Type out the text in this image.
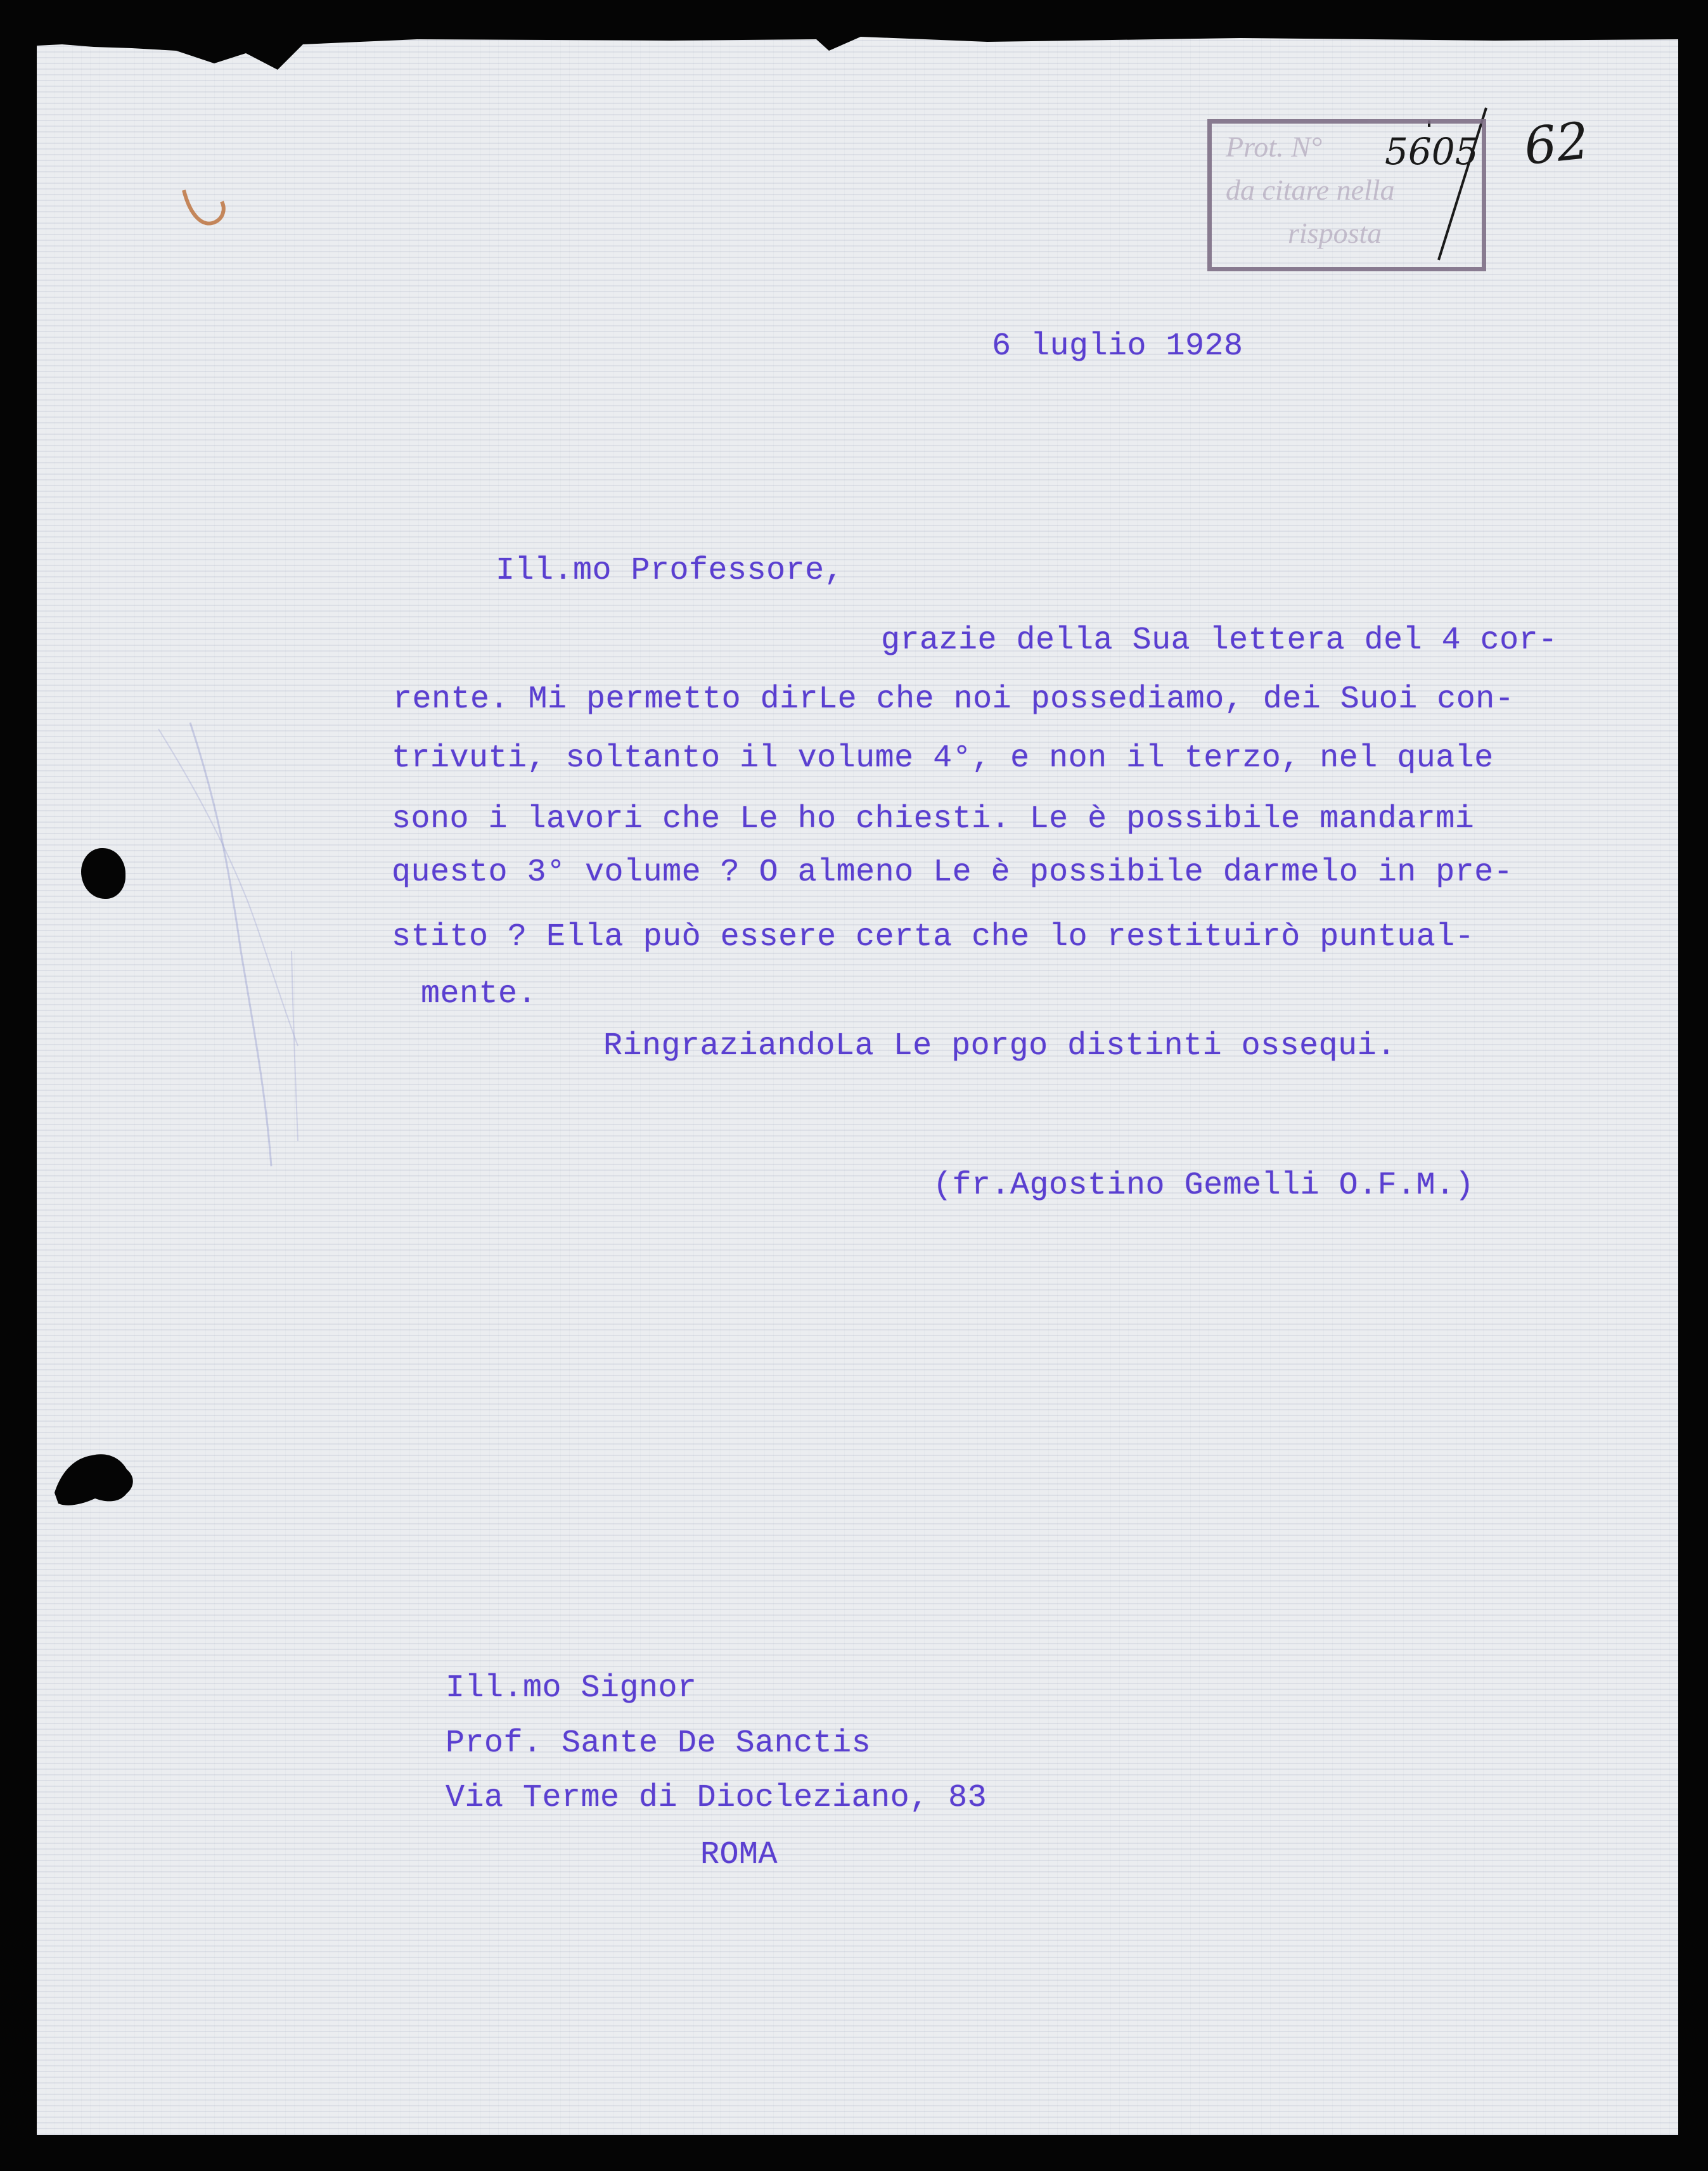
Prot. N°
da citare nella
risposta
5605 62
6 luglio 1928
Ill.mo Professore,
grazie della Sua lettera del 4 cor-
rente. Mi permetto dirLe che noi possediamo, dei Suoi con-
trivuti, soltanto il volume 4°, e non il terzo, nel quale
sono i lavori che Le ho chiesti. Le è possibile mandarmi
questo 3° volume ? O almeno Le è possibile darmelo in pre-
stito ? Ella può essere certa che lo restituirò puntual-
mente.
RingraziandoLa Le porgo distinti ossequi.
(fr.Agostino Gemelli O.F.M.)
Ill.mo Signor
Prof. Sante De Sanctis
Via Terme di Diocleziano, 83
ROMA
